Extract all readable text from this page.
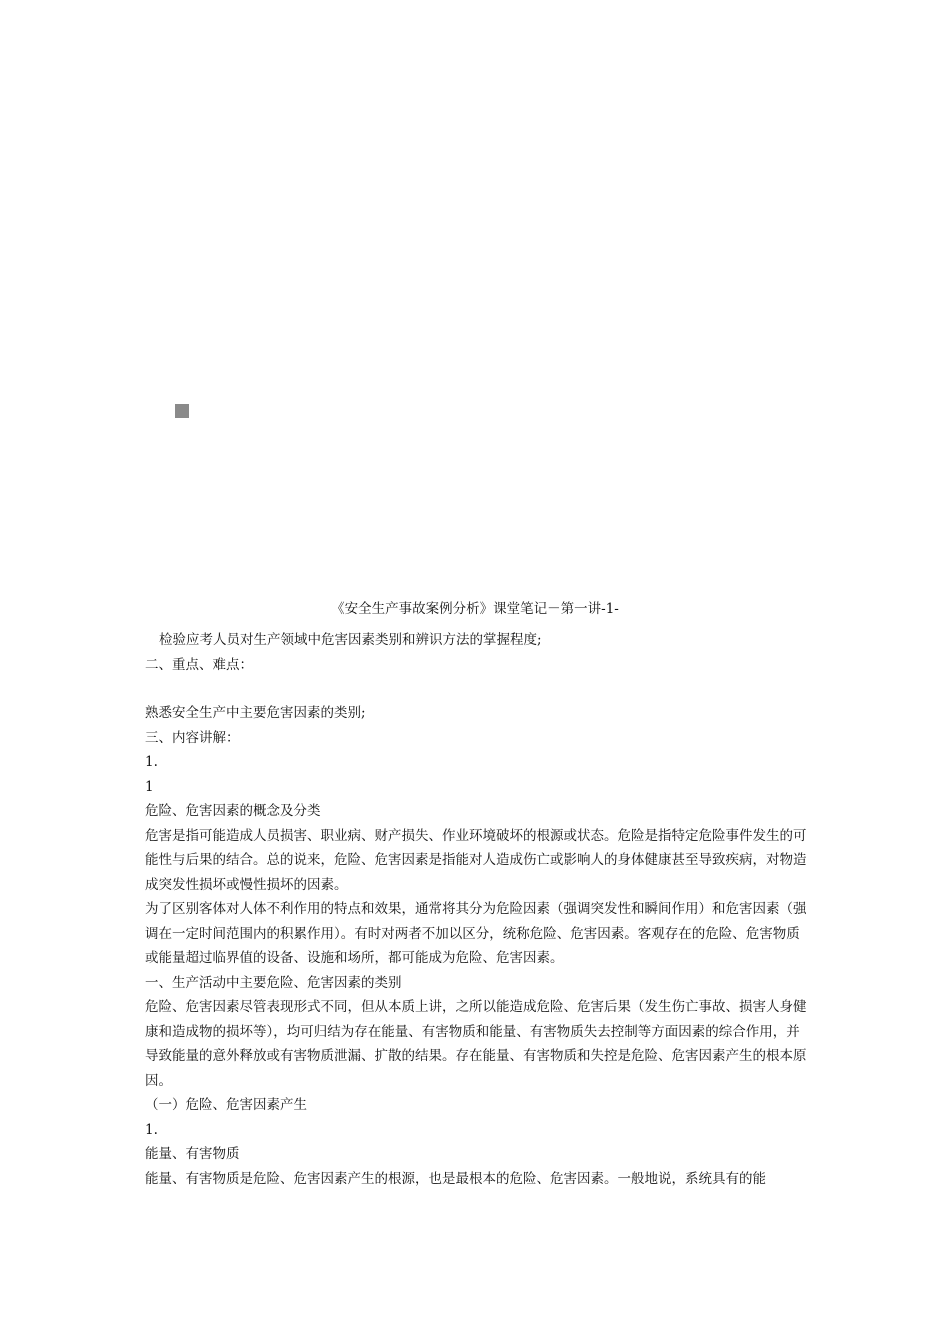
《安全生产事故案例分析》课堂笔记－第一讲-1-

检验应考人员对生产领域中危害因素类别和辨识方法的掌握程度;

二、重点、难点：

熟悉安全生产中主要危害因素的类别;

三、内容讲解：

1.

1

危险、危害因素的概念及分类

危害是指可能造成人员损害、职业病、财产损失、作业环境破坏的根源或状态。危险是指特定危险事件发生的可能性与后果的结合。总的说来，危险、危害因素是指能对人造成伤亡或影响人的身体健康甚至导致疾病，对物造成突发性损坏或慢性损坏的因素。

为了区别客体对人体不利作用的特点和效果，通常将其分为危险因素（强调突发性和瞬间作用）和危害因素（强调在一定时间范围内的积累作用）。有时对两者不加以区分，统称危险、危害因素。客观存在的危险、危害物质或能量超过临界值的设备、设施和场所，都可能成为危险、危害因素。

一、生产活动中主要危险、危害因素的类别

危险、危害因素尽管表现形式不同，但从本质上讲，之所以能造成危险、危害后果（发生伤亡事故、损害人身健康和造成物的损坏等），均可归结为存在能量、有害物质和能量、有害物质失去控制等方面因素的综合作用，并导致能量的意外释放或有害物质泄漏、扩散的结果。存在能量、有害物质和失控是危险、危害因素产生的根本原因。

（一）危险、危害因素产生

1.

能量、有害物质

能量、有害物质是危险、危害因素产生的根源，也是最根本的危险、危害因素。一般地说，系统具有的能
